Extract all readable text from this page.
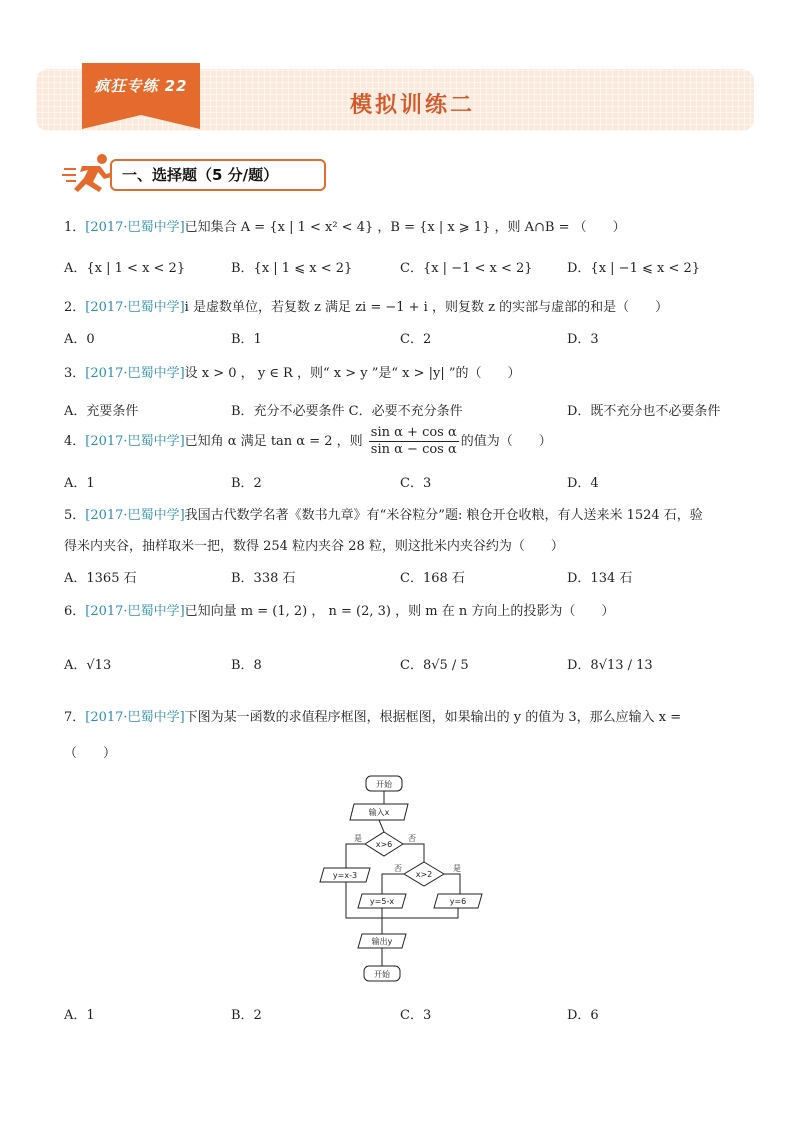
疯狂专练 22
模拟训练二
一、选择题（5 分/题）
1．[2017·巴蜀中学]已知集合 A = {x | 1 < x² < 4} ，B = {x | x ⩾ 1} ，则 A∩B = （　　）
A．{x | 1 < x < 2}	B．{x | 1 ⩽ x < 2}	C．{x | −1 < x < 2}	D．{x | −1 ⩽ x < 2}
2．[2017·巴蜀中学]i 是虚数单位，若复数 z 满足 zi = −1 + i ，则复数 z 的实部与虚部的和是（　　）
A．0	B．1	C．2	D．3
3．[2017·巴蜀中学]设 x > 0 ， y ∈ R ，则“ x > y ”是“ x > |y| ”的（　　）
A．充要条件	B．充分不必要条件 C．必要不充分条件	D．既不充分也不必要条件
4．[2017·巴蜀中学]已知角 α 满足 tan α = 2 ，则 $\frac{\text{sin α + cos α}}{\text{sin α − cos α}}$ 的值为（　　）
A．1	B．2	C．3	D．4
5．[2017·巴蜀中学]我国古代数学名著《数书九章》有“米谷粒分”题: 粮仓开仓收粮，有人送来米 1524 石，验
得米内夹谷，抽样取米一把，数得 254 粒内夹谷 28 粒，则这批米内夹谷约为（　　）
A．1365 石	B．338 石	C．168 石	D．134 石
6．[2017·巴蜀中学]已知向量 m = (1, 2) ， n = (2, 3) ，则 m 在 n 方向上的投影为（　　）
A．√13	B．8	C．8√5 / 5	D．8√13 / 13
7．[2017·巴蜀中学]下图为某一函数的求值程序框图，根据框图，如果输出的 y 的值为 3，那么应输入 x =
（　　）
开始
输入x
x>6
是	否
x>2
否	是
y=x-3
y=5-x	y=6
输出y
开始
A．1	B．2	C．3	D．6
